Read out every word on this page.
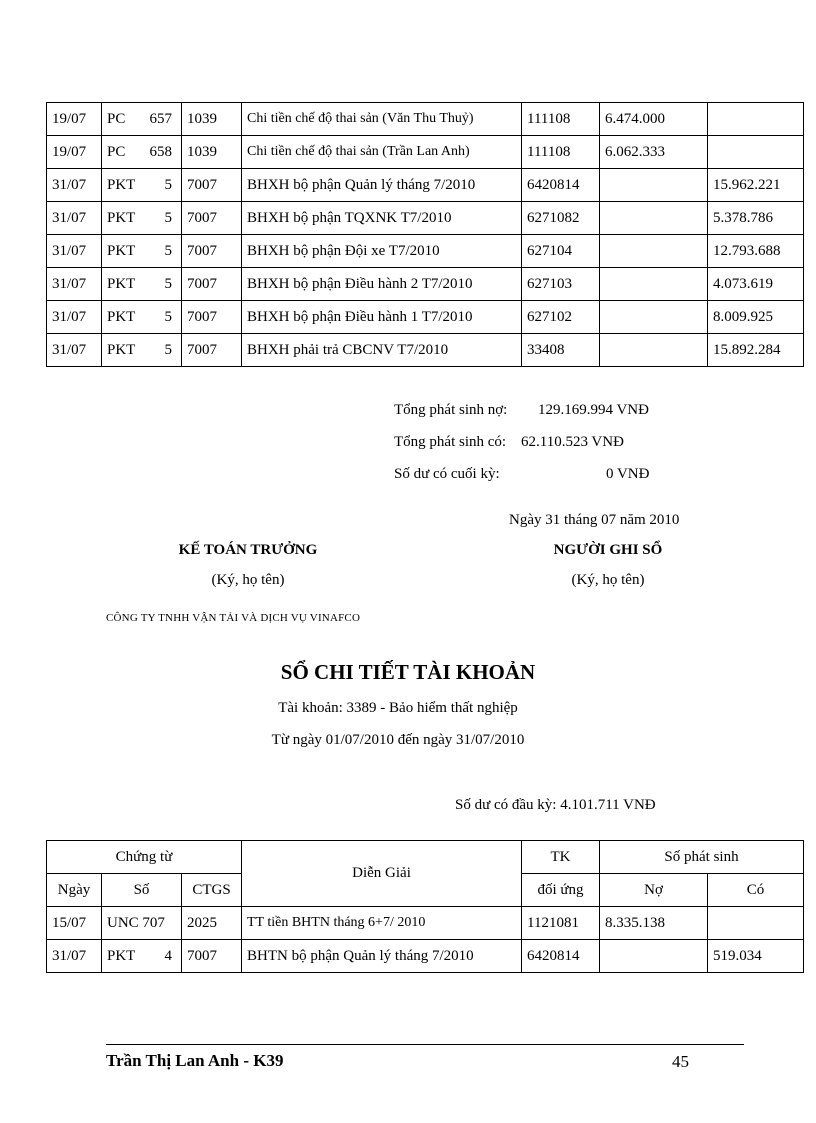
19/07	PC 657	1039	Chi tiền chế độ thai sản (Văn Thu Thuỷ)	111108	6.474.000	
19/07	PC 658	1039	Chi tiền chế độ thai sản (Trần Lan Anh)	111108	6.062.333	
31/07	PKT 5	7007	BHXH bộ phận Quản lý tháng 7/2010	6420814		15.962.221
31/07	PKT 5	7007	BHXH bộ phận TQXNK T7/2010	6271082		5.378.786
31/07	PKT 5	7007	BHXH bộ phận Đội xe T7/2010	627104		12.793.688
31/07	PKT 5	7007	BHXH bộ phận Điều hành 2 T7/2010	627103		4.073.619
31/07	PKT 5	7007	BHXH bộ phận Điều hành 1 T7/2010	627102		8.009.925
31/07	PKT 5	7007	BHXH phải trả CBCNV T7/2010	33408		15.892.284
Tổng phát sinh nợ: 129.169.994 VNĐ
Tổng phát sinh có: 62.110.523 VNĐ
Số dư có cuối kỳ:	0 VNĐ
Ngày 31 tháng 07 năm 2010
KẾ TOÁN TRƯỞNG
(Ký, họ tên)
NGƯỜI GHI SỔ
(Ký, họ tên)
CÔNG TY TNHH VẬN TẢI VÀ DỊCH VỤ VINAFCO
SỔ CHI TIẾT TÀI KHOẢN
Tài khoản: 3389 - Bảo hiểm thất nghiệp
Từ ngày 01/07/2010 đến ngày 31/07/2010
Số dư có đầu kỳ: 4.101.711 VNĐ
Chứng từ			Diễn Giải	TK	Số phát sinh	
Ngày	Số	CTGS		đối ứng	Nợ	Có
15/07	UNC 707	2025	TT tiền BHTN tháng 6+7/ 2010	1121081	8.335.138	
31/07	PKT 4	7007	BHTN bộ phận Quản lý tháng 7/2010	6420814		519.034
Trần Thị Lan Anh - K39	45
